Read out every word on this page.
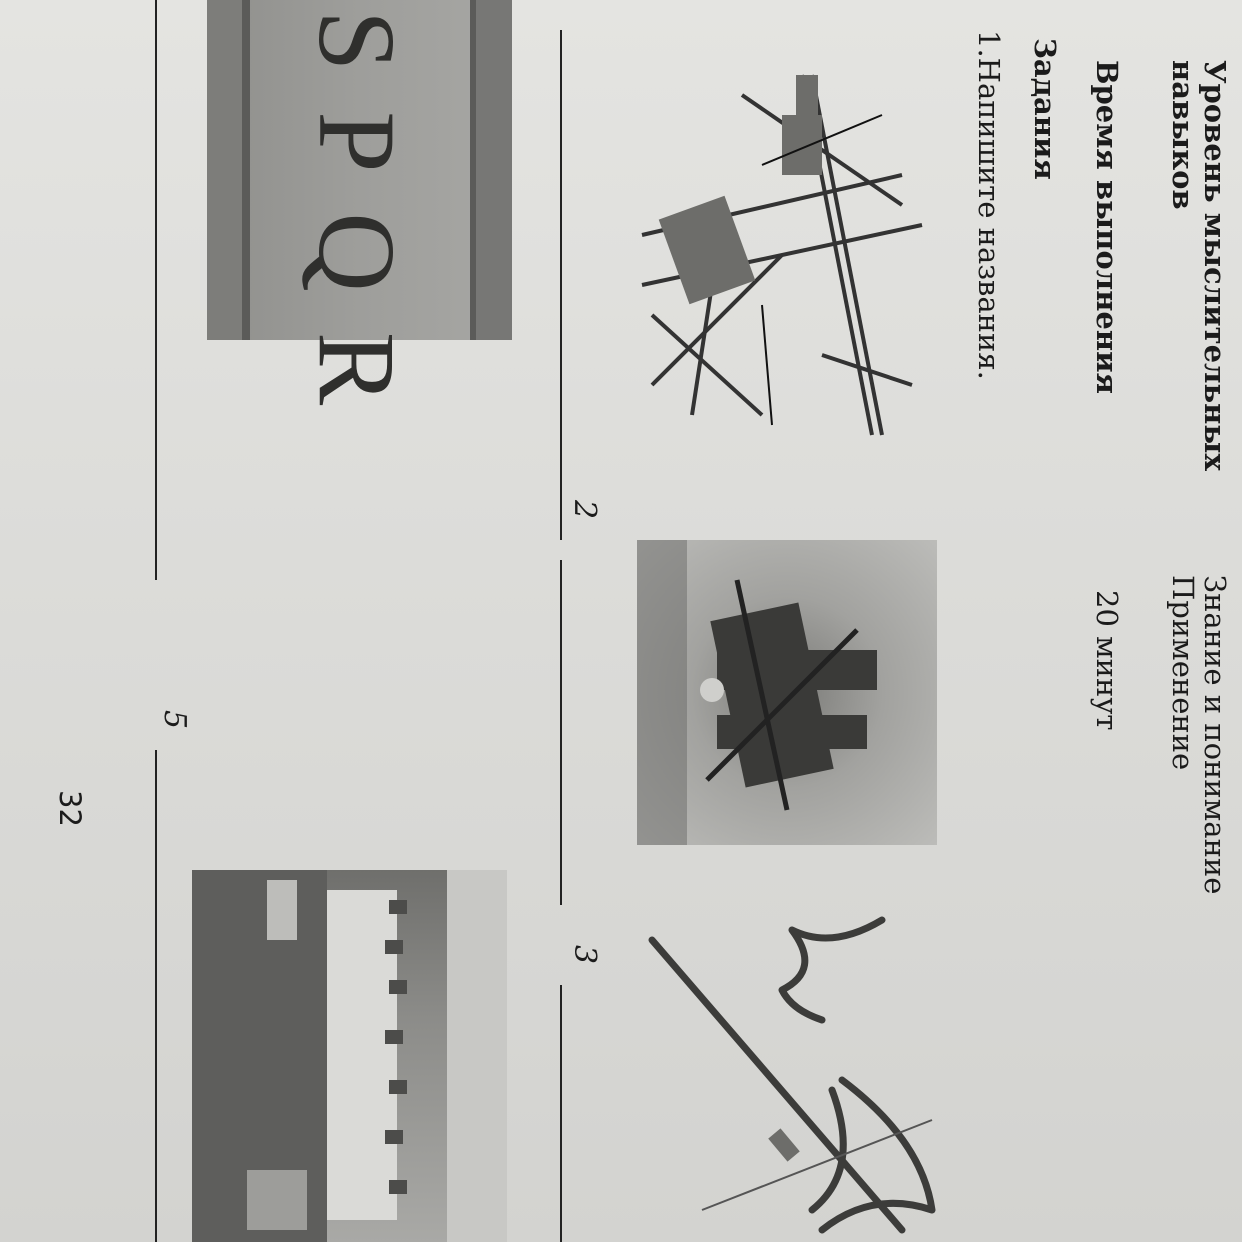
Уровень мыслительных
навыков
Знание и понимание
Применение
Время выполнения
20 минут
Задания
1.Напишите названия.
2
3
S
P
Q
R
5
32
